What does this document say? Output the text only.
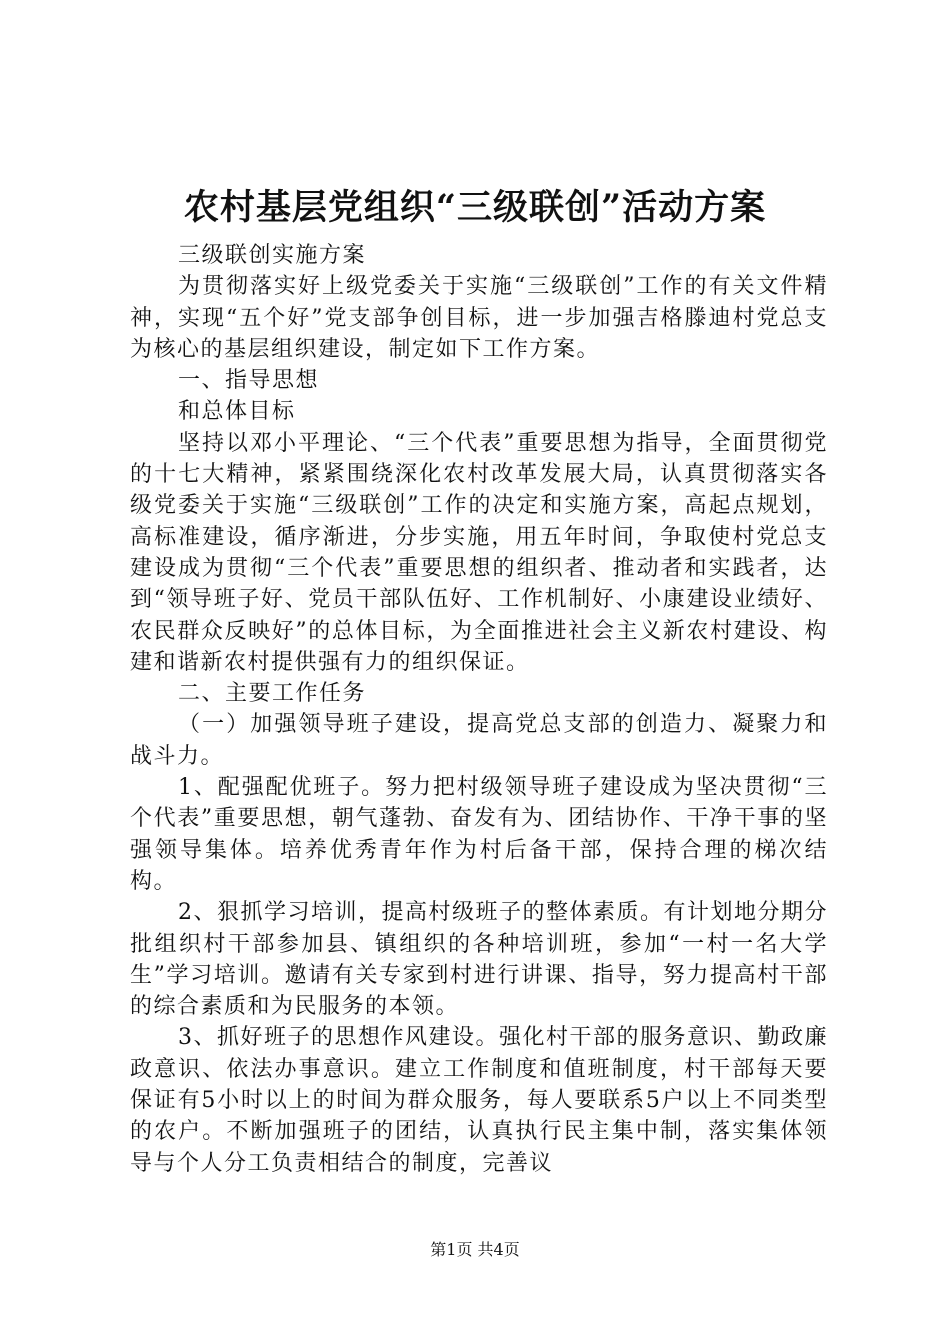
农村基层党组织“三级联创”活动方案

三级联创实施方案

为贯彻落实好上级党委关于实施“三级联创”工作的有关文件精神，实现“五个好”党支部争创目标，进一步加强吉格滕迪村党总支为核心的基层组织建设，制定如下工作方案。

一、指导思想

和总体目标

坚持以邓小平理论、“三个代表”重要思想为指导，全面贯彻党的十七大精神，紧紧围绕深化农村改革发展大局，认真贯彻落实各级党委关于实施“三级联创”工作的决定和实施方案，高起点规划，高标准建设，循序渐进，分步实施，用五年时间，争取使村党总支建设成为贯彻“三个代表”重要思想的组织者、推动者和实践者，达到“领导班子好、党员干部队伍好、工作机制好、小康建设业绩好、农民群众反映好”的总体目标，为全面推进社会主义新农村建设、构建和谐新农村提供强有力的组织保证。

二、主要工作任务

（一）加强领导班子建设，提高党总支部的创造力、凝聚力和战斗力。

1、配强配优班子。努力把村级领导班子建设成为坚决贯彻“三个代表”重要思想，朝气蓬勃、奋发有为、团结协作、干净干事的坚强领导集体。培养优秀青年作为村后备干部，保持合理的梯次结构。

2、狠抓学习培训，提高村级班子的整体素质。有计划地分期分批组织村干部参加县、镇组织的各种培训班，参加“一村一名大学生”学习培训。邀请有关专家到村进行讲课、指导，努力提高村干部的综合素质和为民服务的本领。

3、抓好班子的思想作风建设。强化村干部的服务意识、勤政廉政意识、依法办事意识。建立工作制度和值班制度，村干部每天要保证有5小时以上的时间为群众服务，每人要联系5户以上不同类型的农户。不断加强班子的团结，认真执行民主集中制，落实集体领导与个人分工负责相结合的制度，完善议

第1页 共4页
